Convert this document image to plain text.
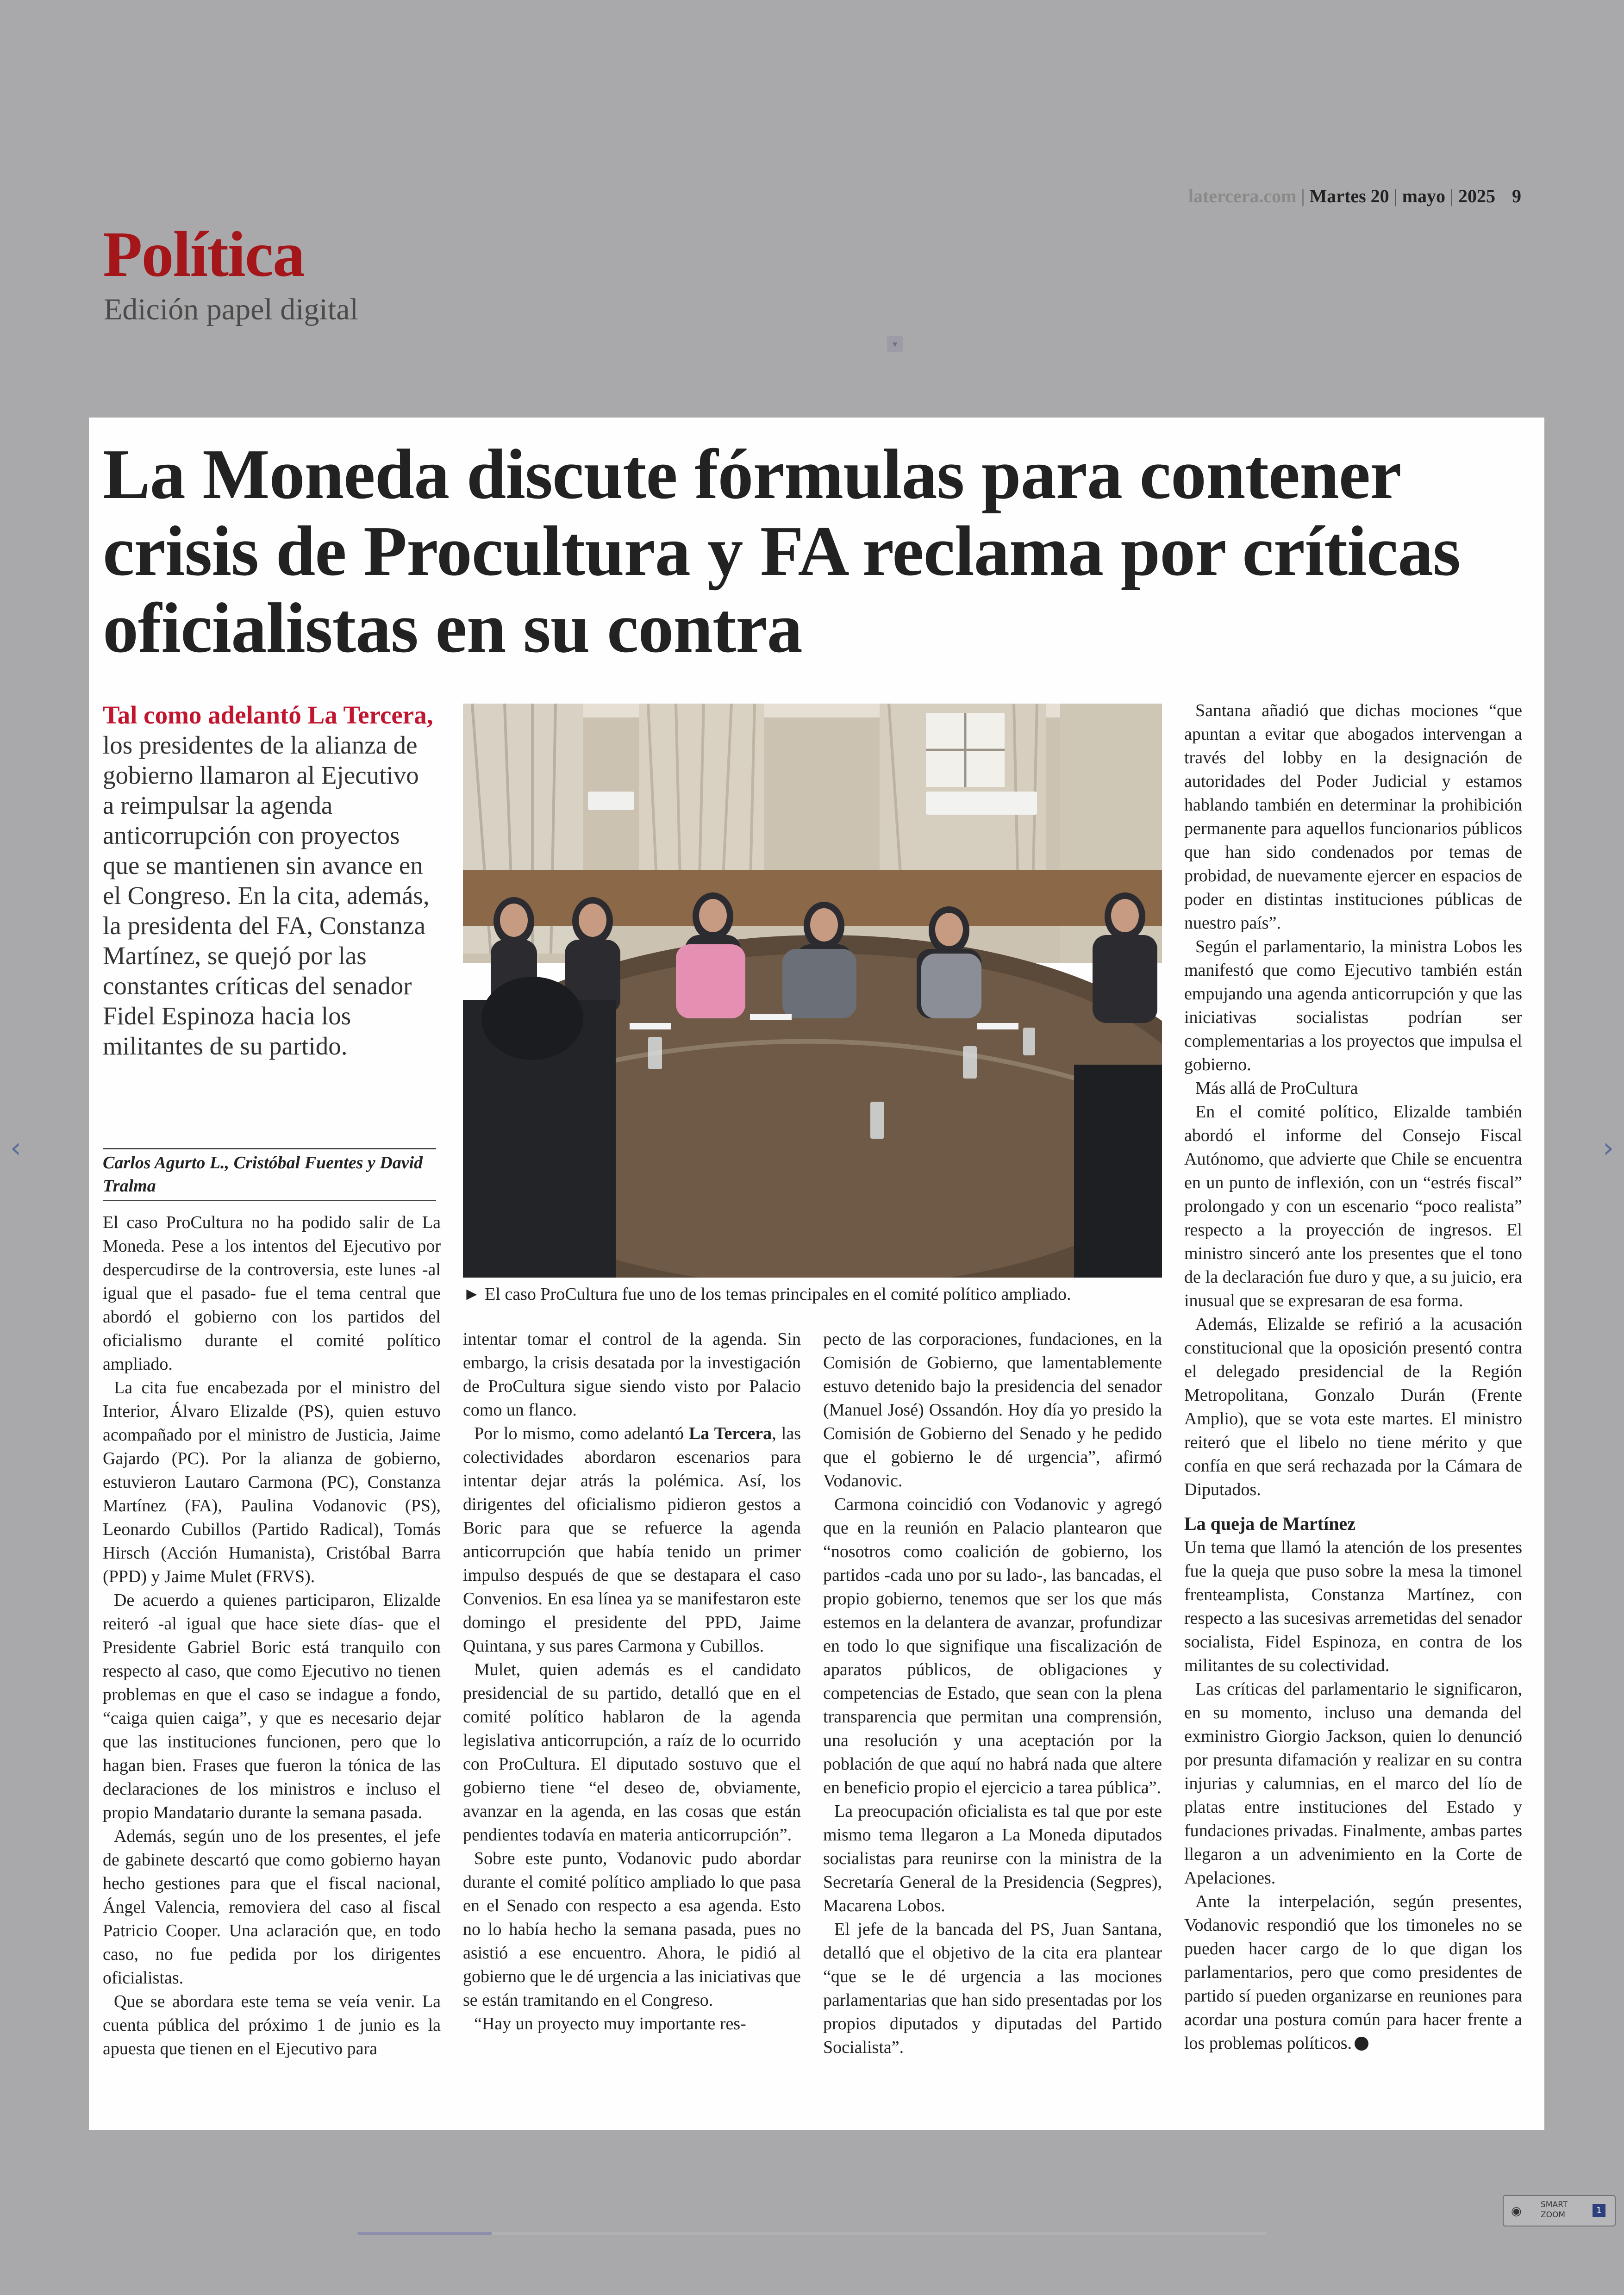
latercera.com | Martes 20 | mayo | 2025 9
Política
Edición papel digital
▾
La Moneda discute fórmulas para contener crisis de Procultura y FA reclama por críticas oficialistas en su contra
Tal como adelantó La Tercera, los presidentes de la alianza de gobierno llamaron al Ejecutivo a reimpulsar la agenda anticorrupción con proyectos que se mantienen sin avance en el Congreso. En la cita, además, la presidenta del FA, Constanza Martínez, se quejó por las constantes críticas del senador Fidel Espinoza hacia los militantes de su partido.
Carlos Agurto L., Cristóbal Fuentes y David Tralma

El caso ProCultura no ha podido salir de La Moneda. Pese a los intentos del Ejecutivo por despercudirse de la controversia, este lunes -al igual que el pasado- fue el tema central que abordó el gobierno con los partidos del oficialismo durante el comité político ampliado.

La cita fue encabezada por el ministro del Interior, Álvaro Elizalde (PS), quien estuvo acompañado por el ministro de Justicia, Jaime Gajardo (PC). Por la alianza de gobierno, estuvieron Lautaro Carmona (PC), Constanza Martínez (FA), Paulina Vodanovic (PS), Leonardo Cubillos (Partido Radical), Tomás Hirsch (Acción Humanista), Cristóbal Barra (PPD) y Jaime Mulet (FRVS).

De acuerdo a quienes participaron, Elizalde reiteró -al igual que hace siete días- que el Presidente Gabriel Boric está tranquilo con respecto al caso, que como Ejecutivo no tienen problemas en que el caso se indague a fondo, “caiga quien caiga”, y que es necesario dejar que las instituciones funcionen, pero que lo hagan bien. Frases que fueron la tónica de las declaraciones de los ministros e incluso el propio Mandatario durante la semana pasada.

Además, según uno de los presentes, el jefe de gabinete descartó que como gobierno hayan hecho gestiones para que el fiscal nacional, Ángel Valencia, removiera del caso al fiscal Patricio Cooper. Una aclaración que, en todo caso, no fue pedida por los dirigentes oficialistas.

Que se abordara este tema se veía venir. La cuenta pública del próximo 1 de junio es la apuesta que tienen en el Ejecutivo para

► El caso ProCultura fue uno de los temas principales en el comité político ampliado.

intentar tomar el control de la agenda. Sin embargo, la crisis desatada por la investigación de ProCultura sigue siendo visto por Palacio como un flanco.

Por lo mismo, como adelantó La Tercera, las colectividades abordaron escenarios para intentar dejar atrás la polémica. Así, los dirigentes del oficialismo pidieron gestos a Boric para que se refuerce la agenda anticorrupción que había tenido un primer impulso después de que se destapara el caso Convenios. En esa línea ya se manifestaron este domingo el presidente del PPD, Jaime Quintana, y sus pares Carmona y Cubillos.

Mulet, quien además es el candidato presidencial de su partido, detalló que en el comité político hablaron de la agenda legislativa anticorrupción, a raíz de lo ocurrido con ProCultura. El diputado sostuvo que el gobierno tiene “el deseo de, obviamente, avanzar en la agenda, en las cosas que están pendientes todavía en materia anticorrupción”.

Sobre este punto, Vodanovic pudo abordar durante el comité político ampliado lo que pasa en el Senado con respecto a esa agenda. Esto no lo había hecho la semana pasada, pues no asistió a ese encuentro. Ahora, le pidió al gobierno que le dé urgencia a las iniciativas que se están tramitando en el Congreso.

“Hay un proyecto muy importante res-

pecto de las corporaciones, fundaciones, en la Comisión de Gobierno, que lamentablemente estuvo detenido bajo la presidencia del senador (Manuel José) Ossandón. Hoy día yo presido la Comisión de Gobierno del Senado y he pedido que el gobierno le dé urgencia”, afirmó Vodanovic.

Carmona coincidió con Vodanovic y agregó que en la reunión en Palacio plantearon que “nosotros como coalición de gobierno, los partidos -cada uno por su lado-, las bancadas, el propio gobierno, tenemos que ser los que más estemos en la delantera de avanzar, profundizar en todo lo que signifique una fiscalización de aparatos públicos, de obligaciones y competencias de Estado, que sean con la plena transparencia que permitan una comprensión, una resolución y una aceptación por la población de que aquí no habrá nada que altere en beneficio propio el ejercicio a tarea pública”.

La preocupación oficialista es tal que por este mismo tema llegaron a La Moneda diputados socialistas para reunirse con la ministra de la Secretaría General de la Presidencia (Segpres), Macarena Lobos.

El jefe de la bancada del PS, Juan Santana, detalló que el objetivo de la cita era plantear “que se le dé urgencia a las mociones parlamentarias que han sido presentadas por los propios diputados y diputadas del Partido Socialista”.

Santana añadió que dichas mociones “que apuntan a evitar que abogados intervengan a través del lobby en la designación de autoridades del Poder Judicial y estamos hablando también en determinar la prohibición permanente para aquellos funcionarios públicos que han sido condenados por temas de probidad, de nuevamente ejercer en espacios de poder en distintas instituciones públicas de nuestro país”.

Según el parlamentario, la ministra Lobos les manifestó que como Ejecutivo también están empujando una agenda anticorrupción y que las iniciativas socialistas podrían ser complementarias a los proyectos que impulsa el gobierno.

Más allá de ProCultura

En el comité político, Elizalde también abordó el informe del Consejo Fiscal Autónomo, que advierte que Chile se encuentra en un punto de inflexión, con un “estrés fiscal” prolongado y con un escenario “poco realista” respecto a la proyección de ingresos. El ministro sinceró ante los presentes que el tono de la declaración fue duro y que, a su juicio, era inusual que se expresaran de esa forma.

Además, Elizalde se refirió a la acusación constitucional que la oposición presentó contra el delegado presidencial de la Región Metropolitana, Gonzalo Durán (Frente Amplio), que se vota este martes. El ministro reiteró que el libelo no tiene mérito y que confía en que será rechazada por la Cámara de Diputados.

La queja de Martínez

Un tema que llamó la atención de los presentes fue la queja que puso sobre la mesa la timonel frenteamplista, Constanza Martínez, con respecto a las sucesivas arremetidas del senador socialista, Fidel Espinoza, en contra de los militantes de su colectividad.

Las críticas del parlamentario le significaron, en su momento, incluso una demanda del exministro Giorgio Jackson, quien lo denunció por presunta difamación y realizar en su contra injurias y calumnias, en el marco del lío de platas entre instituciones del Estado y fundaciones privadas. Finalmente, ambas partes llegaron a un advenimiento en la Corte de Apelaciones.

Ante la interpelación, según presentes, Vodanovic respondió que los timoneles no se pueden hacer cargo de lo que digan los parlamentarios, pero que como presidentes de partido sí pueden organizarse en reuniones para acordar una postura común para hacer frente a los problemas políticos.

‹	›
◉ SMART ZOOM	1
